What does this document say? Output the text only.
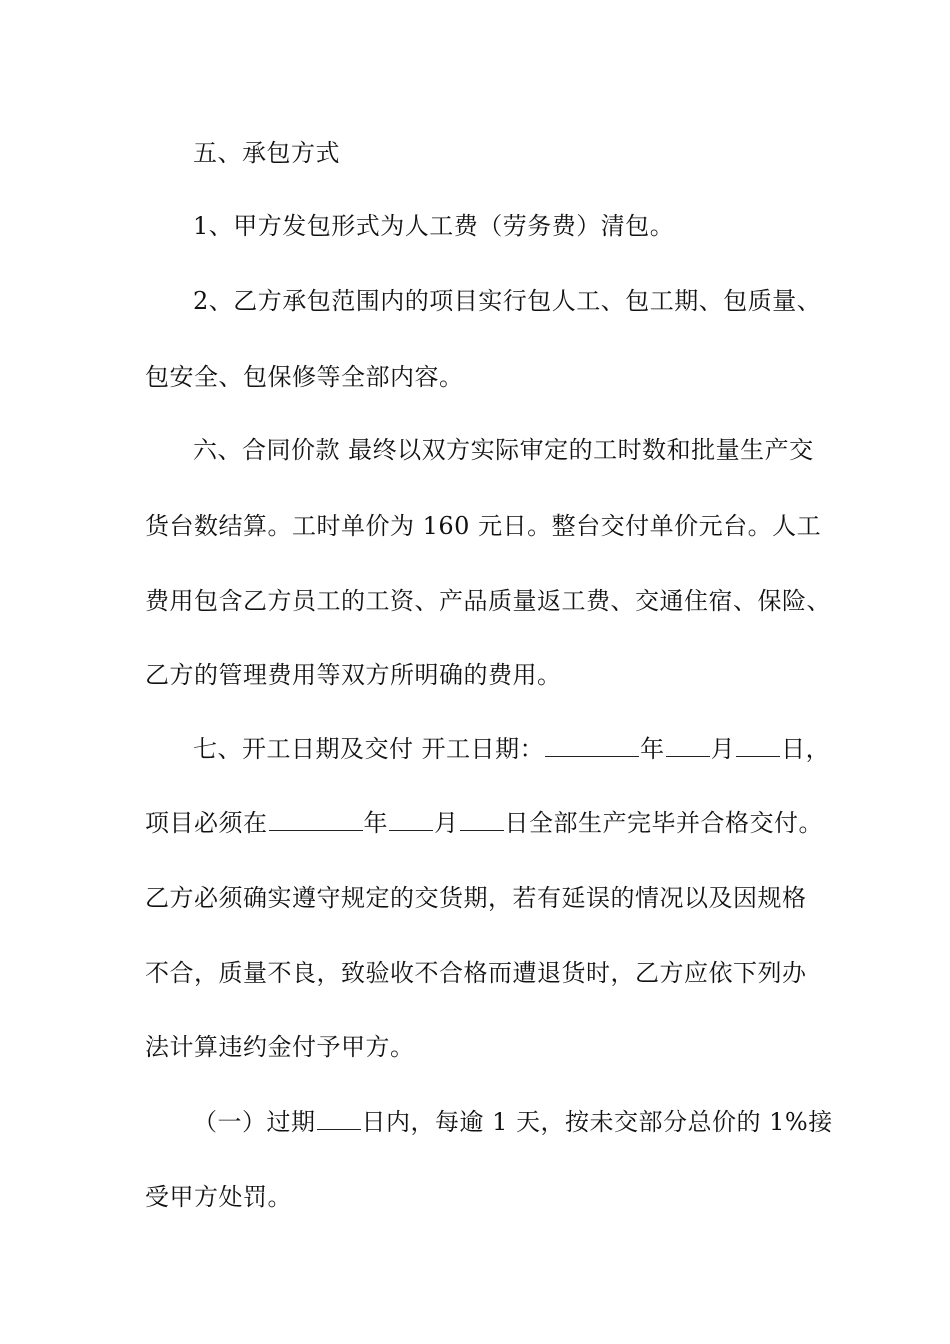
五、承包方式
1、甲方发包形式为人工费（劳务费）清包。
2、乙方承包范围内的项目实行包人工、包工期、包质量、
包安全、包保修等全部内容。
六、合同价款 最终以双方实际审定的工时数和批量生产交
货台数结算。工时单价为 160 元日。整台交付单价元台。人工
费用包含乙方员工的工资、产品质量返工费、交通住宿、保险、
乙方的管理费用等双方所明确的费用。
七、开工日期及交付 开工日期：	年 月 日，
项目必须在	年 月 日全部生产完毕并合格交付。
乙方必须确实遵守规定的交货期，若有延误的情况以及因规格
不合，质量不良，致验收不合格而遭退货时，乙方应依下列办
法计算违约金付予甲方。
（一）过期 日内，每逾 1 天，按未交部分总价的 1%接
受甲方处罚。
